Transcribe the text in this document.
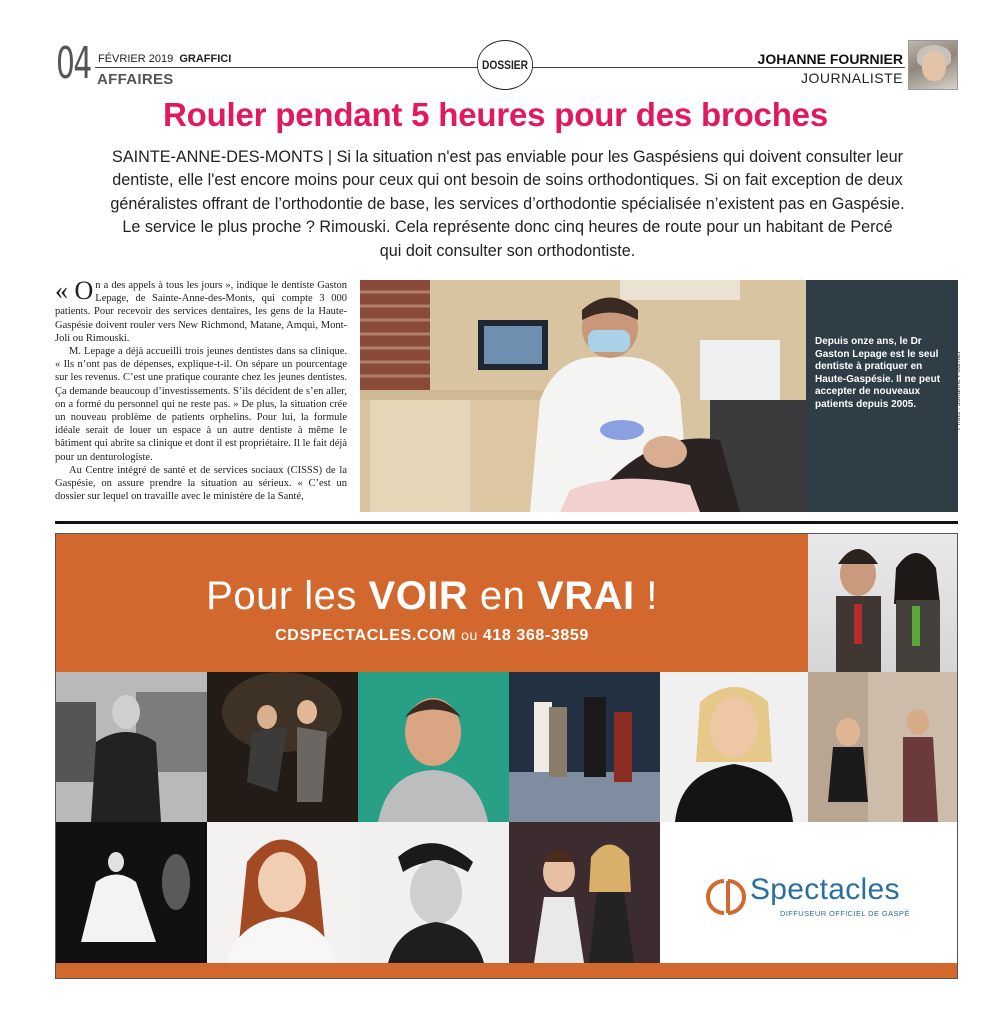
04 FÉVRIER 2019 GRAFFICI
AFFAIRES
DOSSIER	JOHANNE FOURNIER
JOURNALISTE
Rouler pendant 5 heures pour des broches

SAINTE-ANNE-DES-MONTS | Si la situation n'est pas enviable pour les Gaspésiens qui doivent consulter leur dentiste, elle l'est encore moins pour ceux qui ont besoin de soins orthodontiques. Si on fait exception de deux généralistes offrant de l’orthodontie de base, les services d’orthodontie spécialisée n’existent pas en Gaspésie. Le service le plus proche ? Rimouski. Cela représente donc cinq heures de route pour un habitant de Percé qui doit consulter son orthodontiste.

« O n a des appels à tous les jours », indique le dentiste Gaston Lepage, de Sainte-Anne-des-Monts, qui compte 3 000 patients. Pour recevoir des services dentaires, les gens de la Haute-Gaspésie doivent rouler vers New Richmond, Matane, Amqui, Mont-Joli ou Rimouski.

M. Lepage a déjà accueilli trois jeunes dentistes dans sa clinique. « Ils n’ont pas de dépenses, explique-t-il. On sépare un pourcentage sur les revenus. C’est une pratique courante chez les jeunes dentistes. Ça demande beaucoup d’investissements. S’ils décident de s’en aller, on a formé du personnel qui ne reste pas. » De plus, la situation crée un nouveau problème de patients orphelins. Pour lui, la formule idéale serait de louer un espace à un autre dentiste à même le bâtiment qui abrite sa clinique et dont il est propriétaire. Il le fait déjà pour un denturologiste.

Au Centre intégré de santé et de services sociaux (CISSS) de la Gaspésie, on assure prendre la situation au sérieux. « C’est un dossier sur lequel on travaille avec le ministère de la Santé,

Depuis onze ans, le Dr Gaston Lepage est le seul dentiste à pratiquer en Haute-Gaspésie. Il ne peut accepter de nouveaux patients depuis 2005.	Photo : Johanne Fournier
Pour les VOIR en VRAI !
CDSPECTACLES.COM ou 418 368-3859
Spectacles
DIFFUSEUR OFFICIEL DE GASPÉ
